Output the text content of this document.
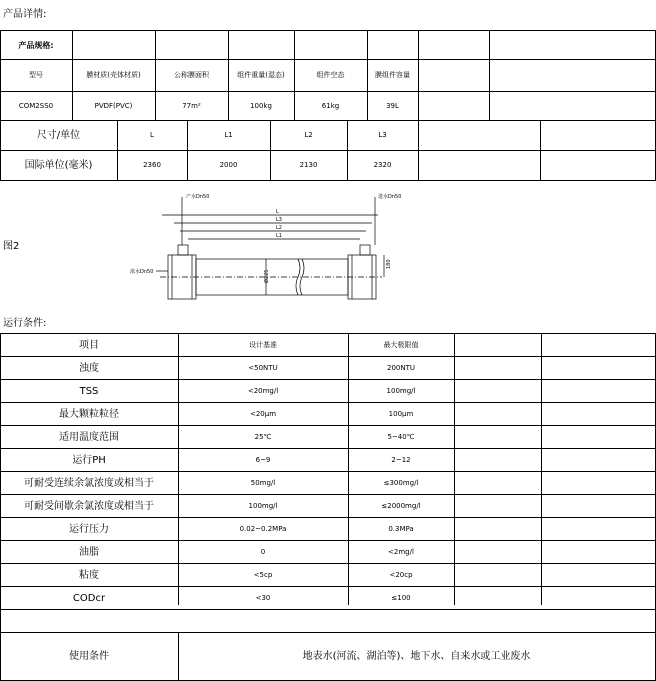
产品详情:
产品规格:
型号	膜材质(壳体材质)	公称膜面积	组件重量(湿态)	组件空态	膜组件容量
COM2SS0	PVDF(PVC)	77m²	100kg	61kg	39L
尺寸/单位	L	L1	L2	L3
国际单位(毫米)	2360	2000	2130	2320
图2
产水Dn50	进水Dn50
浓水Dn50
L
L3
L2
L1
Ø225
180
运行条件:
项目	设计基准	最大极限值
浊度	<50NTU	200NTU
TSS	<20mg/l	100mg/l
最大颗粒粒径	<20μm	100μm
适用温度范围	25℃	5~40℃
运行PH	6~9	2~12
可耐受连续余氯浓度或相当于	50mg/l	≤300mg/l
可耐受间歇余氯浓度或相当于	100mg/l	≤2000mg/l
运行压力	0.02~0.2MPa	0.3MPa
油脂	0	<2mg/l
粘度	<5cp	<20cp
CODcr	<30	≤100
使用条件	地表水(河流、湖泊等)、地下水、自来水或工业废水
